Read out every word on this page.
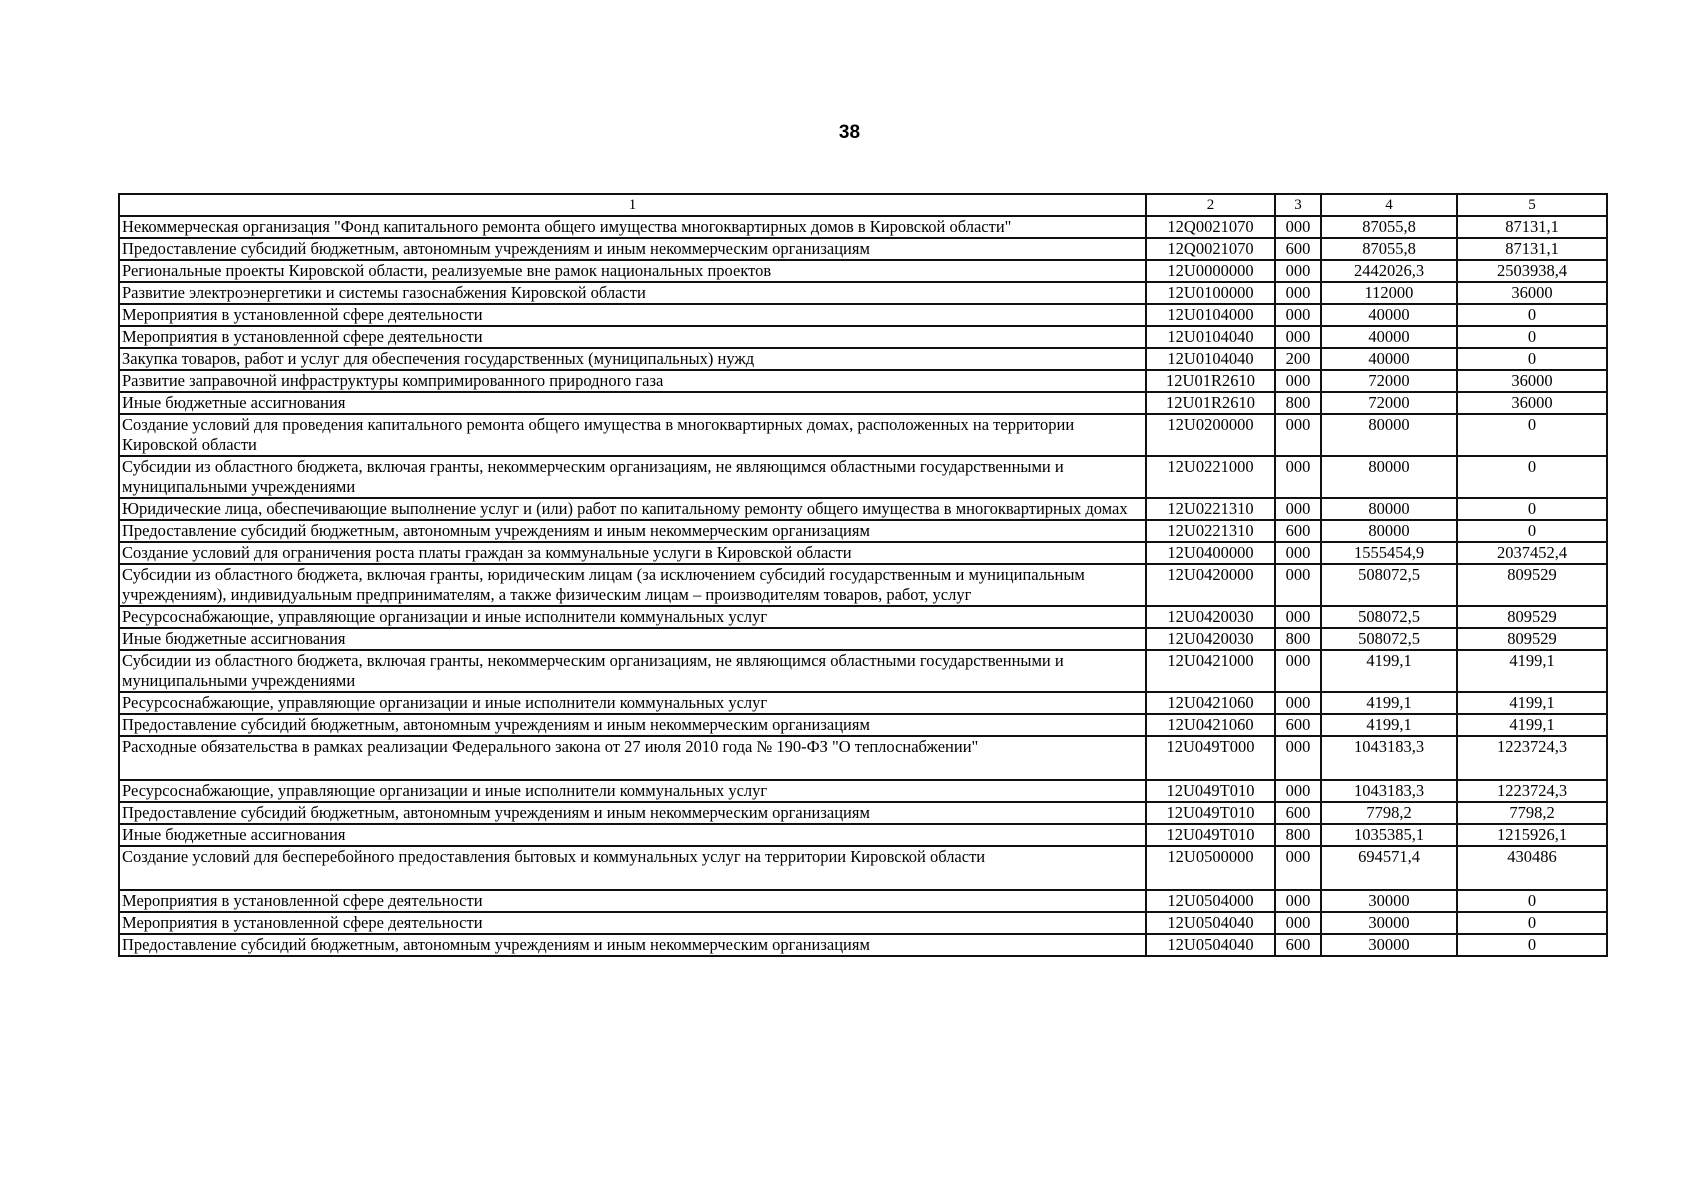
38
1	2	3	4	5
Некоммерческая организация "Фонд капитального ремонта общего имущества многоквартирных домов в Кировской области"	12Q0021070	000	87055,8	87131,1
Предоставление субсидий бюджетным, автономным учреждениям и иным некоммерческим организациям	12Q0021070	600	87055,8	87131,1
Региональные проекты Кировской области, реализуемые вне рамок национальных проектов	12U0000000	000	2442026,3	2503938,4
Развитие электроэнергетики и системы газоснабжения Кировской области	12U0100000	000	112000	36000
Мероприятия в установленной сфере деятельности	12U0104000	000	40000	0
Мероприятия в установленной сфере деятельности	12U0104040	000	40000	0
Закупка товаров, работ и услуг для обеспечения государственных (муниципальных) нужд	12U0104040	200	40000	0
Развитие заправочной инфраструктуры компримированного природного газа	12U01R2610	000	72000	36000
Иные бюджетные ассигнования	12U01R2610	800	72000	36000
Создание условий для проведения капитального ремонта общего имущества в многоквартирных домах, расположенных на территории Кировской области	12U0200000	000	80000	0
Субсидии из областного бюджета, включая гранты, некоммерческим организациям, не являющимся областными государственными и муниципальными учреждениями	12U0221000	000	80000	0
Юридические лица, обеспечивающие выполнение услуг и (или) работ по капитальному ремонту общего имущества в многоквартирных домах	12U0221310	000	80000	0
Предоставление субсидий бюджетным, автономным учреждениям и иным некоммерческим организациям	12U0221310	600	80000	0
Создание условий для ограничения роста платы граждан за коммунальные услуги в Кировской области	12U0400000	000	1555454,9	2037452,4
Субсидии из областного бюджета, включая гранты, юридическим лицам (за исключением субсидий государственным и муниципальным учреждениям), индивидуальным предпринимателям, а также физическим лицам – производителям товаров, работ, услуг	12U0420000	000	508072,5	809529
Ресурсоснабжающие, управляющие организации и иные исполнители коммунальных услуг	12U0420030	000	508072,5	809529
Иные бюджетные ассигнования	12U0420030	800	508072,5	809529
Субсидии из областного бюджета, включая гранты, некоммерческим организациям, не являющимся областными государственными и муниципальными учреждениями	12U0421000	000	4199,1	4199,1
Ресурсоснабжающие, управляющие организации и иные исполнители коммунальных услуг	12U0421060	000	4199,1	4199,1
Предоставление субсидий бюджетным, автономным учреждениям и иным некоммерческим организациям	12U0421060	600	4199,1	4199,1
Расходные обязательства в рамках реализации Федерального закона от 27 июля 2010 года № 190-ФЗ "О теплоснабжении"	12U049T000	000	1043183,3	1223724,3
Ресурсоснабжающие, управляющие организации и иные исполнители коммунальных услуг	12U049T010	000	1043183,3	1223724,3
Предоставление субсидий бюджетным, автономным учреждениям и иным некоммерческим организациям	12U049T010	600	7798,2	7798,2
Иные бюджетные ассигнования	12U049T010	800	1035385,1	1215926,1
Создание условий для бесперебойного предоставления бытовых и коммунальных услуг на территории Кировской области	12U0500000	000	694571,4	430486
Мероприятия в установленной сфере деятельности	12U0504000	000	30000	0
Мероприятия в установленной сфере деятельности	12U0504040	000	30000	0
Предоставление субсидий бюджетным, автономным учреждениям и иным некоммерческим организациям	12U0504040	600	30000	0
